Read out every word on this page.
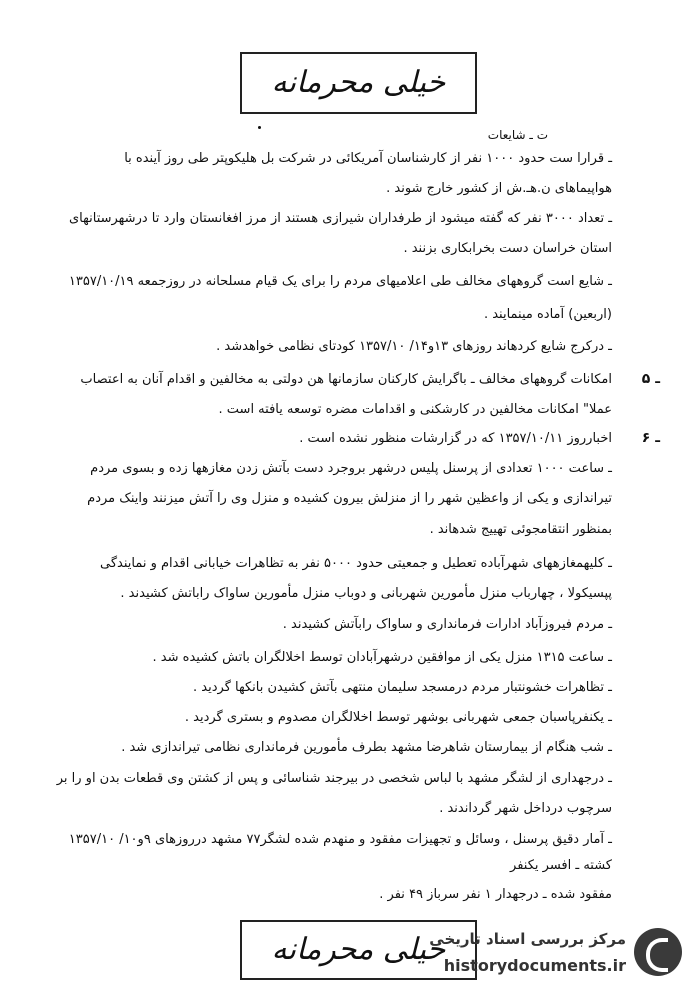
خیلی محرمانه
ت ـ شایعات
ـ قرارا ست حدود ۱۰۰۰ نفر از کارشناسان آمریکائی در شرکت بل هلیکوپتر طی روز آینده با
هواپیماهای ن.هـ.ش از کشور خارج شوند .
ـ تعداد ۳۰۰۰ نفر که گفته میشود از طرفداران شیرازی هستند از مرز افغانستان وارد تا درشهرستانهای
استان خراسان دست بخرابکاری بزنند .
ـ شایع است گروههای مخالف طی اعلامیهای مردم را برای یک قیام مسلحانه در روزجمعه ۱۳۵۷/۱۰/۱۹
(اربعین) آماده مینمایند .
ـ درکرج شایع کردهاند روزهای ۱۳و۱۴/ ۱۳۵۷/۱۰ کودتای نظامی خواهدشد .
۵ ـ
امکانات گروههای مخالف ـ باگرایش کارکنان سازمانها هن دولتی به مخالفین و اقدام آنان به اعتصاب
عملا" امکانات مخالفین در کارشکنی و اقدامات مضره توسعه یافته است .
۶ ـ
اخبارروز ۱۳۵۷/۱۰/۱۱ که در گزارشات منظور نشده است .
ـ ساعت ۱۰۰۰ تعدادی از پرسنل پلیس درشهر بروجرد دست بآتش زدن مغازهها زده و بسوی مردم
تیراندازی و یکی از واعظین شهر را از منزلش بیرون کشیده و منزل وی را آتش میزنند واینک مردم
بمنظور انتقامجوئی تهییج شدهاند .
ـ کلیهمغازههای شهرآباده تعطیل و جمعیتی حدود ۵۰۰۰ نفر به تظاهرات خیابانی اقدام و نمایندگی
پپسیکولا ، چهارباب منزل مأمورین شهربانی و دوباب منزل مأمورین ساواک راباتش کشیدند .
ـ مردم فیروزآباد ادارات فرمانداری و ساواک رابآتش کشیدند .
ـ ساعت ۱۳۱۵ منزل یکی از موافقین درشهرآبادان توسط اخلالگران باتش کشیده شد .
ـ تظاهرات خشونتبار مردم درمسجد سلیمان منتهی بآتش کشیدن بانکها گردید .
ـ یکنفرپاسبان جمعی شهربانی بوشهر توسط اخلالگران مصدوم و بستری گردید .
ـ شب هنگام از بیمارستان شاهرضا مشهد بطرف مأمورین فرمانداری نظامی تیراندازی شد .
ـ درجهداری از لشگر مشهد با لباس شخصی در بیرجند شناسائی و پس از کشتن وی قطعات بدن او را بر
سرچوب درداخل شهر گرداندند .
ـ آمار دقیق پرسنل ، وسائل و تجهیزات مفقود و منهدم شده لشگر۷۷ مشهد درروزهای ۹و۱۰/ ۱۳۵۷/۱۰
کشته ـ افسر یکنفر
مفقود شده ـ درجهدار ۱ نفر سرباز ۴۹ نفر .
خیلی محرمانه
مرکز بررسی اسناد تاریخی
historydocuments.ir
